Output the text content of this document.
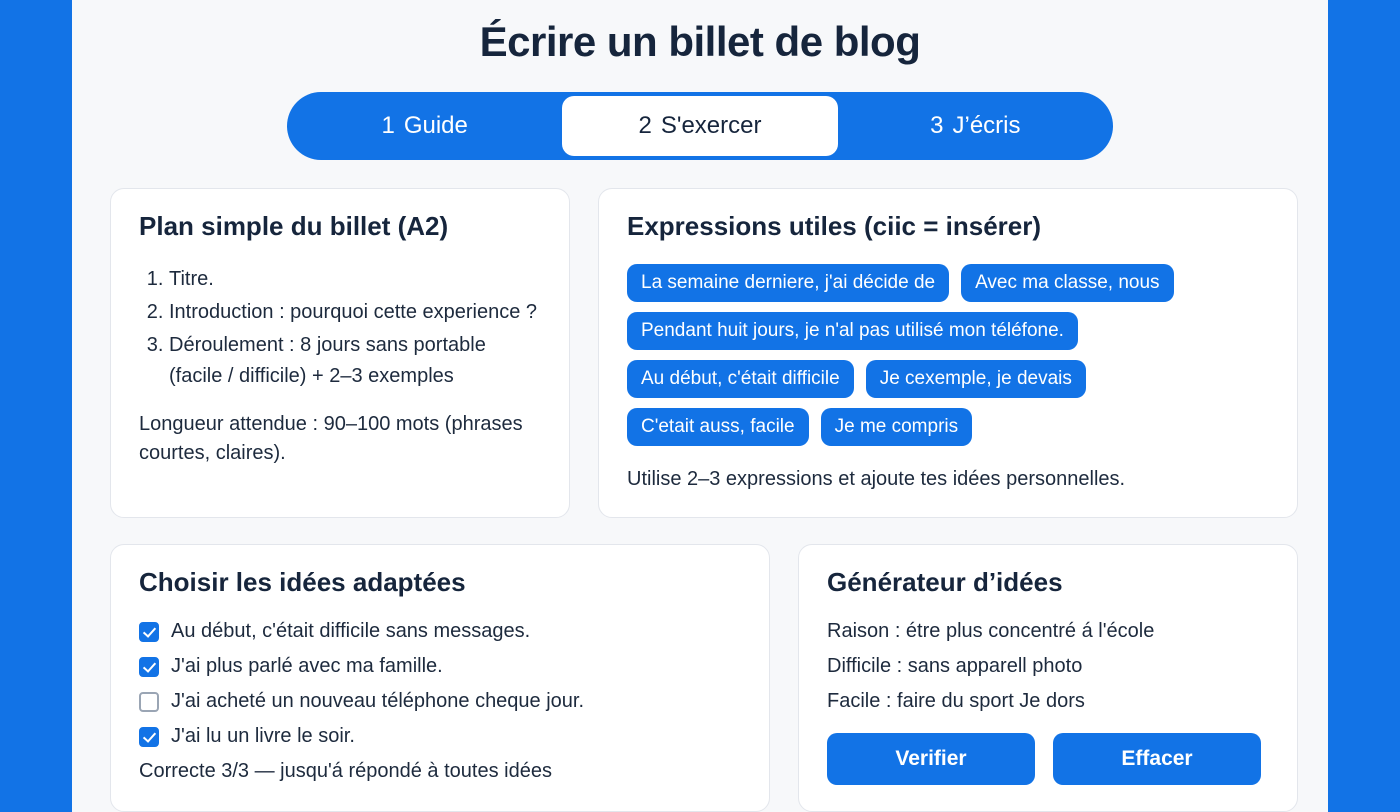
Écrire un billet de blog
1 Guide	2 S'exercer	3 J’écris
Plan simple du billet (A2)
1. Titre.
2. Introduction : pourquoi cette experience ?
3. Déroulement : 8 jours sans portable (facile / difficile) + 2–3 exemples
Longueur attendue : 90–100 mots (phrases courtes, claires).
Expressions utiles (ciic = insérer)
La semaine derniere, j'ai décide de	Avec ma classe, nous
Pendant huit jours, je n'al pas utilisé mon téléfone.
Au début, c'était difficile	Je cexemple, je devais
C'etait auss, facile	Je me compris
Utilise 2–3 expressions et ajoute tes idées personnelles.
Choisir les idées adaptées
Au début, c'était difficile sans messages.
J'ai plus parlé avec ma famille.
J'ai acheté un nouveau téléphone cheque jour.
J'ai lu un livre le soir.
Correcte 3/3 — jusqu'á répondé à toutes idées
Générateur d’idées
Raison : étre plus concentré á l'école
Difficile : sans apparell photo
Facile : faire du sport Je dors
Verifier	Effacer
